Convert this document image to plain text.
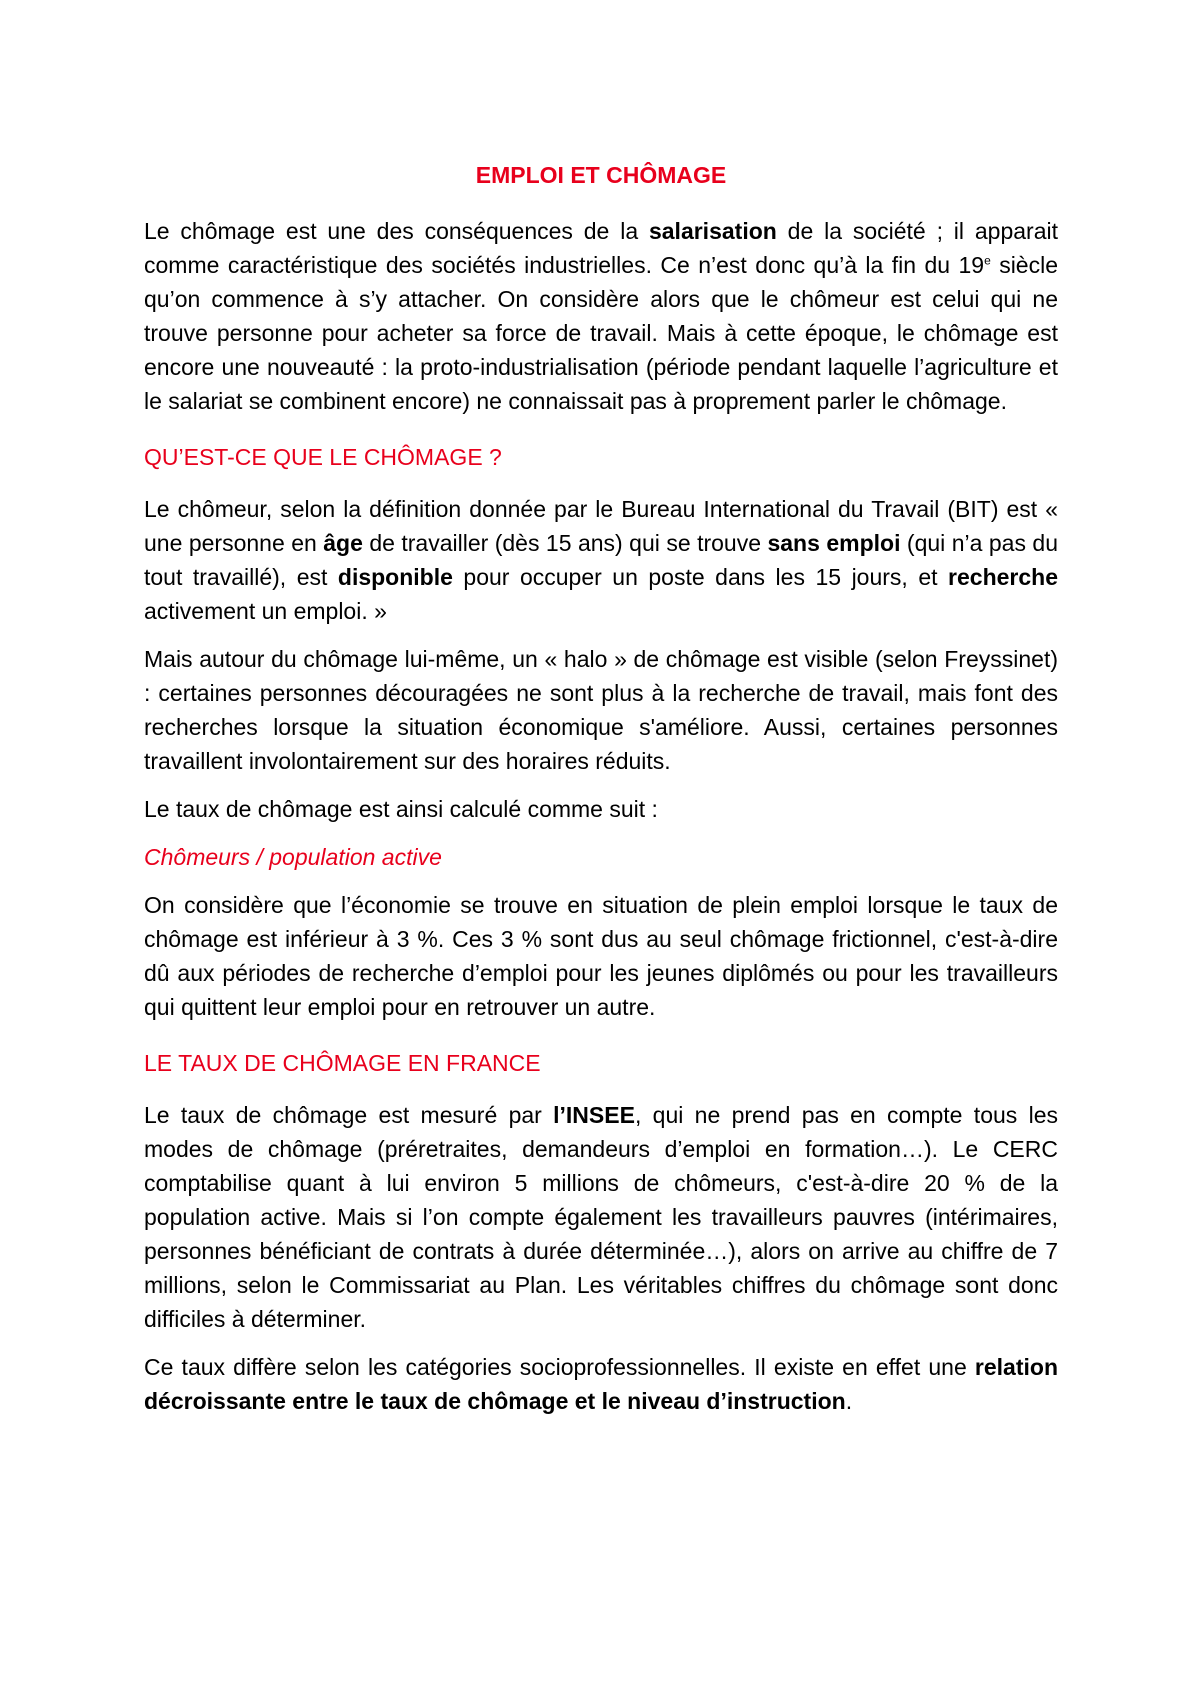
EMPLOI ET CHÔMAGE

Le chômage est une des conséquences de la salarisation de la société ; il apparait comme caractéristique des sociétés industrielles. Ce n’est donc qu’à la fin du 19e siècle qu’on commence à s’y attacher. On considère alors que le chômeur est celui qui ne trouve personne pour acheter sa force de travail. Mais à cette époque, le chômage est encore une nouveauté : la proto-industrialisation (période pendant laquelle l’agriculture et le salariat se combinent encore) ne connaissait pas à proprement parler le chômage.

QU’EST-CE QUE LE CHÔMAGE ?

Le chômeur, selon la définition donnée par le Bureau International du Travail (BIT) est « une personne en âge de travailler (dès 15 ans) qui se trouve sans emploi (qui n’a pas du tout travaillé), est disponible pour occuper un poste dans les 15 jours, et recherche activement un emploi. »

Mais autour du chômage lui-même, un « halo » de chômage est visible (selon Freyssinet) : certaines personnes découragées ne sont plus à la recherche de travail, mais font des recherches lorsque la situation économique s'améliore. Aussi, certaines personnes travaillent involontairement sur des horaires réduits.

Le taux de chômage est ainsi calculé comme suit :

Chômeurs / population active

On considère que l’économie se trouve en situation de plein emploi lorsque le taux de chômage est inférieur à 3 %. Ces 3 % sont dus au seul chômage frictionnel, c'est-à-dire dû aux périodes de recherche d’emploi pour les jeunes diplômés ou pour les travailleurs qui quittent leur emploi pour en retrouver un autre.

LE TAUX DE CHÔMAGE EN FRANCE

Le taux de chômage est mesuré par l’INSEE, qui ne prend pas en compte tous les modes de chômage (préretraites, demandeurs d’emploi en formation…). Le CERC comptabilise quant à lui environ 5 millions de chômeurs, c'est-à-dire 20 % de la population active. Mais si l’on compte également les travailleurs pauvres (intérimaires, personnes bénéficiant de contrats à durée déterminée…), alors on arrive au chiffre de 7 millions, selon le Commissariat au Plan. Les véritables chiffres du chômage sont donc difficiles à déterminer.

Ce taux diffère selon les catégories socioprofessionnelles. Il existe en effet une relation décroissante entre le taux de chômage et le niveau d’instruction.
